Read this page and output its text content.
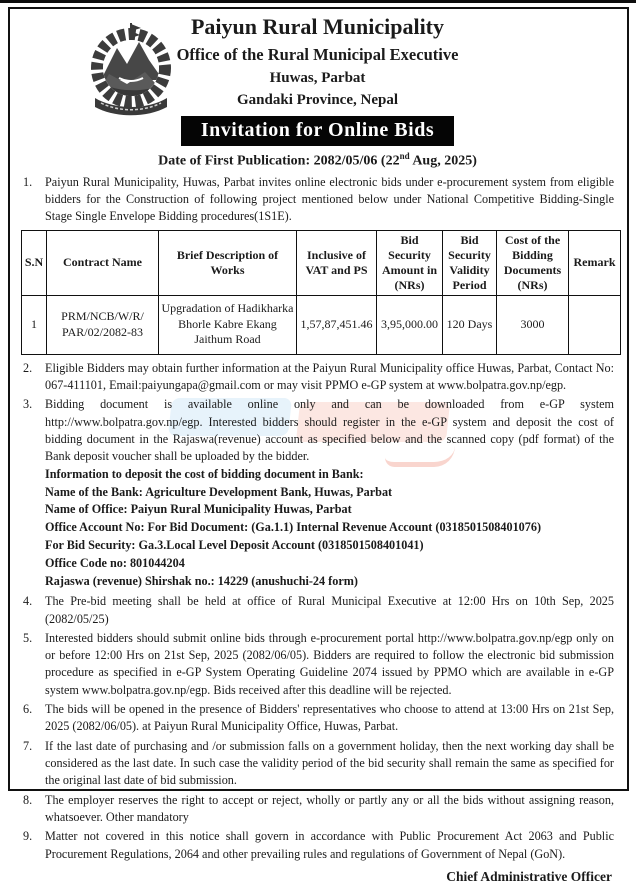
Paiyun Rural Municipality
Office of the Rural Municipal Executive
Huwas, Parbat
Gandaki Province, Nepal
Invitation for Online Bids
Date of First Publication: 2082/05/06 (22nd Aug, 2025)
1.	Paiyun Rural Municipality, Huwas, Parbat invites online electronic bids under e-procurement system from eligible bidders for the Construction of following project mentioned below under National Competitive Bidding-Single Stage Single Envelope Bidding procedures(1S1E).
S.N	Contract Name	Brief Description of Works	Inclusive of VAT and PS	Bid Security Amount in (NRs)	Bid Security Validity Period	Cost of the Bidding Documents (NRs)	Remark
1	PRM/NCB/W/R/ PAR/02/2082-83	Upgradation of Hadikharka Bhorle Kabre Ekang Jaithum Road	1,57,87,451.46	3,95,000.00	120 Days	3000	
2.	Eligible Bidders may obtain further information at the Paiyun Rural Municipality office Huwas, Parbat, Contact No: 067-411101, Email:paiyungapa@gmail.com or may visit PPMO e-GP system at www.bolpatra.gov.np/egp.
3.	Bidding document is available online only and can be downloaded from e-GP system http://www.bolpatra.gov.np/egp. Interested bidders should register in the e-GP system and deposit the cost of bidding document in the Rajaswa(revenue) account as specified below and the scanned copy (pdf format) of the Bank deposit voucher shall be uploaded by the bidder.
Information to deposit the cost of bidding document in Bank:
Name of the Bank: Agriculture Development Bank, Huwas, Parbat
Name of Office: Paiyun Rural Municipality Huwas, Parbat
Office Account No: For Bid Document: (Ga.1.1) Internal Revenue Account (0318501508401076)
For Bid Security: Ga.3.Local Level Deposit Account (0318501508401041)
Office Code no: 801044204
Rajaswa (revenue) Shirshak no.: 14229 (anushuchi-24 form)
4.	The Pre-bid meeting shall be held at office of Rural Municipal Executive at 12:00 Hrs on 10th Sep, 2025 (2082/05/25)
5.	Interested bidders should submit online bids through e-procurement portal http://www.bolpatra.gov.np/egp only on or before 12:00 Hrs on 21st Sep, 2025 (2082/06/05). Bidders are required to follow the electronic bid submission procedure as specified in e-GP System Operating Guideline 2074 issued by PPMO which are available in e-GP system www.bolpatra.gov.np/egp. Bids received after this deadline will be rejected.
6.	The bids will be opened in the presence of Bidders' representatives who choose to attend at 13:00 Hrs on 21st Sep, 2025 (2082/06/05). at Paiyun Rural Municipality Office, Huwas, Parbat.
7.	If the last date of purchasing and /or submission falls on a government holiday, then the next working day shall be considered as the last date. In such case the validity period of the bid security shall remain the same as specified for the original last date of bid submission.
8.	The employer reserves the right to accept or reject, wholly or partly any or all the bids without assigning reason, whatsoever. Other mandatory
9.	Matter not covered in this notice shall govern in accordance with Public Procurement Act 2063 and Public Procurement Regulations, 2064 and other prevailing rules and regulations of Government of Nepal (GoN).
Chief Administrative Officer
